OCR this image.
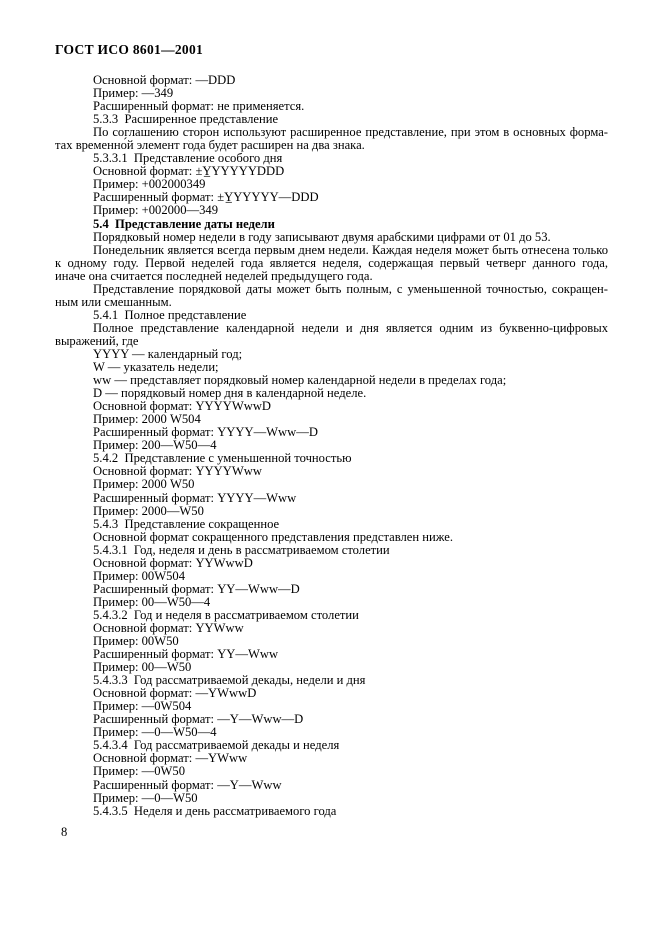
ГОСТ ИСО 8601—2001
Основной формат: —DDD
Пример: —349
Расширенный формат: не применяется.
5.3.3  Расширенное представление
По соглашению сторон используют расширенное представление, при этом в основных форма-
тах временно́й элемент года будет расширен на два знака.
5.3.3.1  Представление особого дня
Основной формат: ±Y̲YYYYYDDD
Пример: +002000349
Расширенный формат: ±Y̲YYYYY—DDD
Пример: +002000—349
5.4  Представление даты недели
Порядковый номер недели в году записывают двумя арабскими цифрами от 01 до 53.
Понедельник является всегда первым днем недели. Каждая неделя может быть отнесена только
к одному году. Первой неделей года является неделя, содержащая первый четверг данного года,
иначе она считается последней неделей предыдущего года.
Представление порядковой даты может быть полным, с уменьшенной точностью, сокращен-
ным или смешанным.
5.4.1  Полное представление
Полное представление календарной недели и дня является одним из буквенно-цифровых
выражений, где
YYYY — календарный год;
W — указатель недели;
ww — представляет порядковый номер календарной недели в пределах года;
D — порядковый номер дня в календарной неделе.
Основной формат: YYYYWwwD
Пример: 2000 W504
Расширенный формат: YYYY—Www—D
Пример: 200—W50—4
5.4.2  Представление с уменьшенной точностью
Основной формат: YYYYWww
Пример: 2000 W50
Расширенный формат: YYYY—Www
Пример: 2000—W50
5.4.3  Представление сокращенное
Основной формат сокращенного представления представлен ниже.
5.4.3.1  Год, неделя и день в рассматриваемом столетии
Основной формат: YYWwwD
Пример: 00W504
Расширенный формат: YY—Www—D
Пример: 00—W50—4
5.4.3.2  Год и неделя в рассматриваемом столетии
Основной формат: YYWww
Пример: 00W50
Расширенный формат: YY—Www
Пример: 00—W50
5.4.3.3  Год рассматриваемой декады, недели и дня
Основной формат: —YWwwD
Пример: —0W504
Расширенный формат: —Y—Www—D
Пример: —0—W50—4
5.4.3.4  Год рассматриваемой декады и неделя
Основной формат: —YWww
Пример: —0W50
Расширенный формат: —Y—Www
Пример: —0—W50
5.4.3.5  Неделя и день рассматриваемого года
8
